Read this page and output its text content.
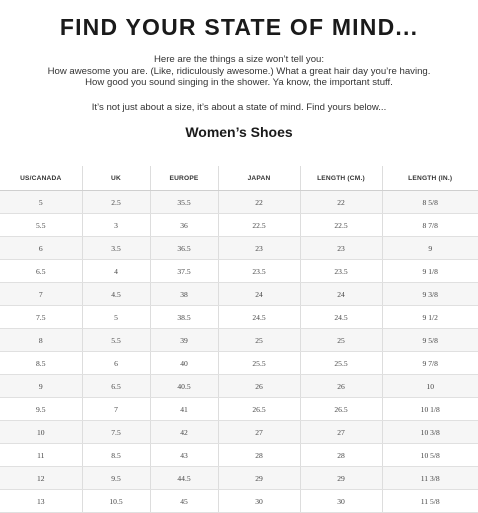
FIND YOUR STATE OF MIND...
Here are the things a size won’t tell you:
How awesome you are. (Like, ridiculously awesome.) What a great hair day you’re having.
How good you sound singing in the shower. Ya know, the important stuff.
It’s not just about a size, it’s about a state of mind. Find yours below...
Women’s Shoes
US/CANADA	UK	EUROPE	JAPAN	LENGTH (CM.)	LENGTH (IN.)
5	2.5	35.5	22	22	8 5/8
5.5	3	36	22.5	22.5	8 7/8
6	3.5	36.5	23	23	9
6.5	4	37.5	23.5	23.5	9 1/8
7	4.5	38	24	24	9 3/8
7.5	5	38.5	24.5	24.5	9 1/2
8	5.5	39	25	25	9 5/8
8.5	6	40	25.5	25.5	9 7/8
9	6.5	40.5	26	26	10
9.5	7	41	26.5	26.5	10 1/8
10	7.5	42	27	27	10 3/8
11	8.5	43	28	28	10 5/8
12	9.5	44.5	29	29	11 3/8
13	10.5	45	30	30	11 5/8
